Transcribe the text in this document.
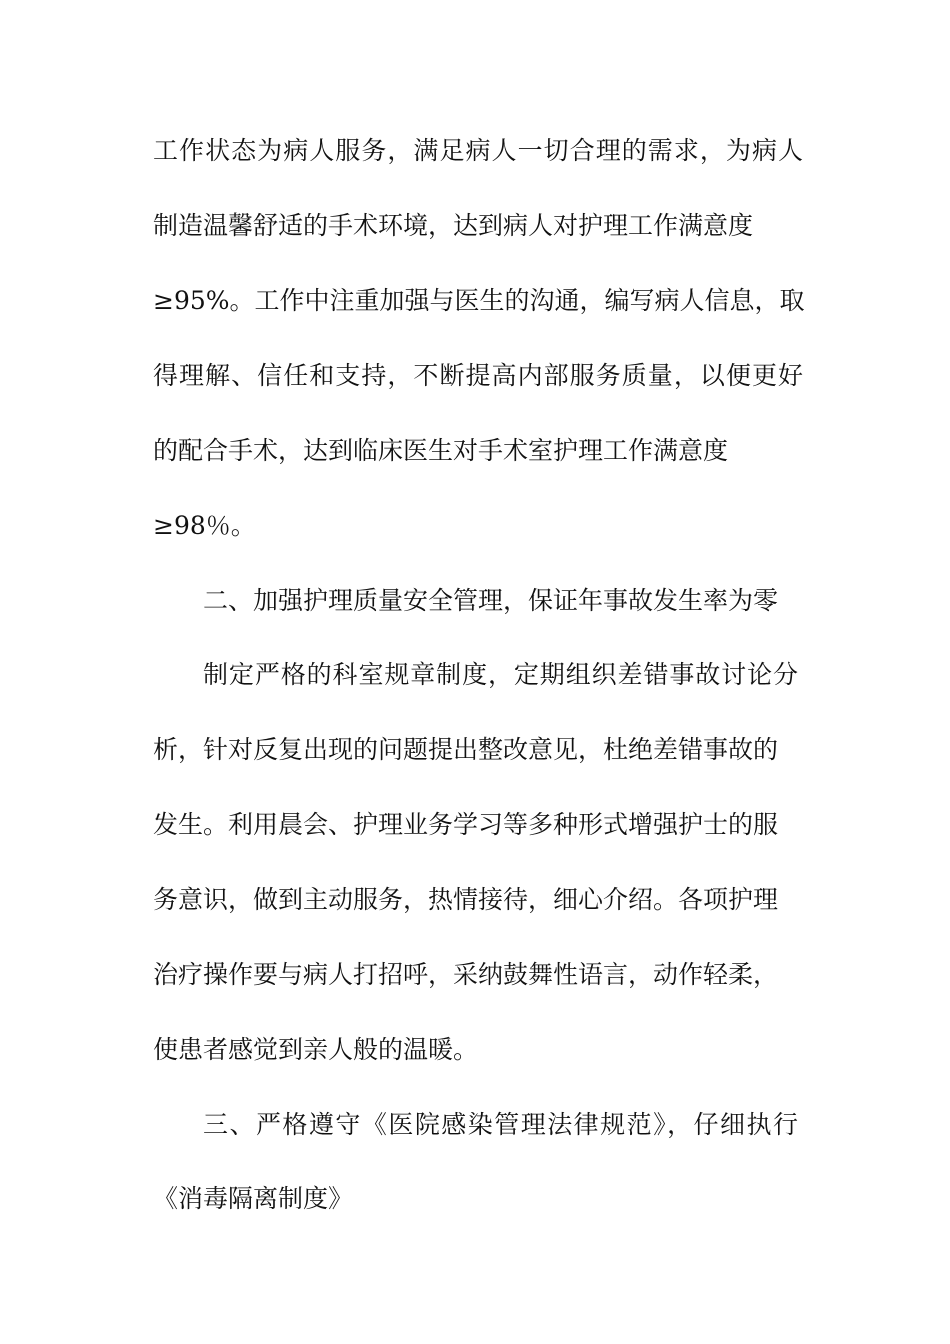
工作状态为病人服务，满足病人一切合理的需求，为病人
制造温馨舒适的手术环境，达到病人对护理工作满意度
≥95%。工作中注重加强与医生的沟通，编写病人信息，取
得理解、信任和支持，不断提高内部服务质量，以便更好
的配合手术，达到临床医生对手术室护理工作满意度
≥98％。
二、加强护理质量安全管理，保证年事故发生率为零
制定严格的科室规章制度，定期组织差错事故讨论分
析，针对反复出现的问题提出整改意见，杜绝差错事故的
发生。利用晨会、护理业务学习等多种形式增强护士的服
务意识，做到主动服务，热情接待，细心介绍。各项护理
治疗操作要与病人打招呼，采纳鼓舞性语言，动作轻柔，
使患者感觉到亲人般的温暖。
三、严格遵守《医院感染管理法律规范》，仔细执行
《消毒隔离制度》
